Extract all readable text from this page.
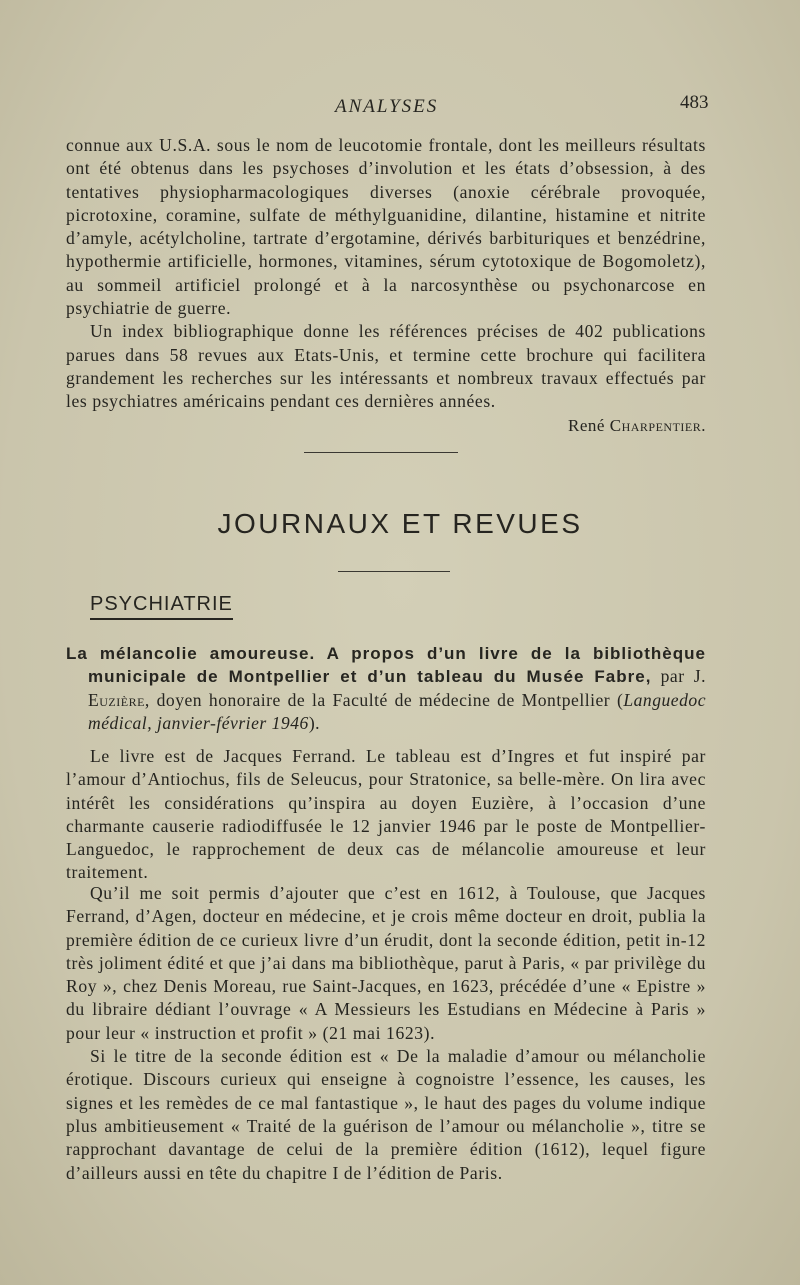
ANALYSES	483

connue aux U.S.A. sous le nom de leucotomie frontale, dont les meilleurs résultats ont été obtenus dans les psychoses d’involution et les états d’obsession, à des tentatives physiopharmacologiques diverses (anoxie cérébrale provoquée, picrotoxine, coramine, sulfate de méthylguanidine, dilantine, histamine et nitrite d’amyle, acétylcholine, tartrate d’ergotamine, dérivés barbituriques et benzédrine, hypothermie artificielle, hormones, vitamines, sérum cytotoxique de Bogomoletz), au sommeil artificiel prolongé et à la narcosynthèse ou psychonarcose en psychiatrie de guerre.

Un index bibliographique donne les références précises de 402 publications parues dans 58 revues aux Etats-Unis, et termine cette brochure qui facilitera grandement les recherches sur les intéressants et nombreux travaux effectués par les psychiatres américains pendant ces dernières années.

René Charpentier.

JOURNAUX ET REVUES
PSYCHIATRIE

La mélancolie amoureuse. A propos d’un livre de la bibliothèque municipale de Montpellier et d’un tableau du Musée Fabre, par J. Euzière, doyen honoraire de la Faculté de médecine de Montpellier (Languedoc médical, janvier-février 1946).

Le livre est de Jacques Ferrand. Le tableau est d’Ingres et fut inspiré par l’amour d’Antiochus, fils de Seleucus, pour Stratonice, sa belle-mère. On lira avec intérêt les considérations qu’inspira au doyen Euzière, à l’occasion d’une charmante causerie radiodiffusée le 12 janvier 1946 par le poste de Montpellier-Languedoc, le rapprochement de deux cas de mélancolie amoureuse et leur traitement.

Qu’il me soit permis d’ajouter que c’est en 1612, à Toulouse, que Jacques Ferrand, d’Agen, docteur en médecine, et je crois même docteur en droit, publia la première édition de ce curieux livre d’un érudit, dont la seconde édition, petit in-12 très joliment édité et que j’ai dans ma bibliothèque, parut à Paris, « par privilège du Roy », chez Denis Moreau, rue Saint-Jacques, en 1623, précédée d’une « Epistre » du libraire dédiant l’ouvrage « A Messieurs les Estudians en Médecine à Paris » pour leur « instruction et profit » (21 mai 1623).

Si le titre de la seconde édition est « De la maladie d’amour ou mélancholie érotique. Discours curieux qui enseigne à cognoistre l’essence, les causes, les signes et les remèdes de ce mal fantastique », le haut des pages du volume indique plus ambitieusement « Traité de la guérison de l’amour ou mélancholie », titre se rapprochant davantage de celui de la première édition (1612), lequel figure d’ailleurs aussi en tête du chapitre I de l’édition de Paris.
